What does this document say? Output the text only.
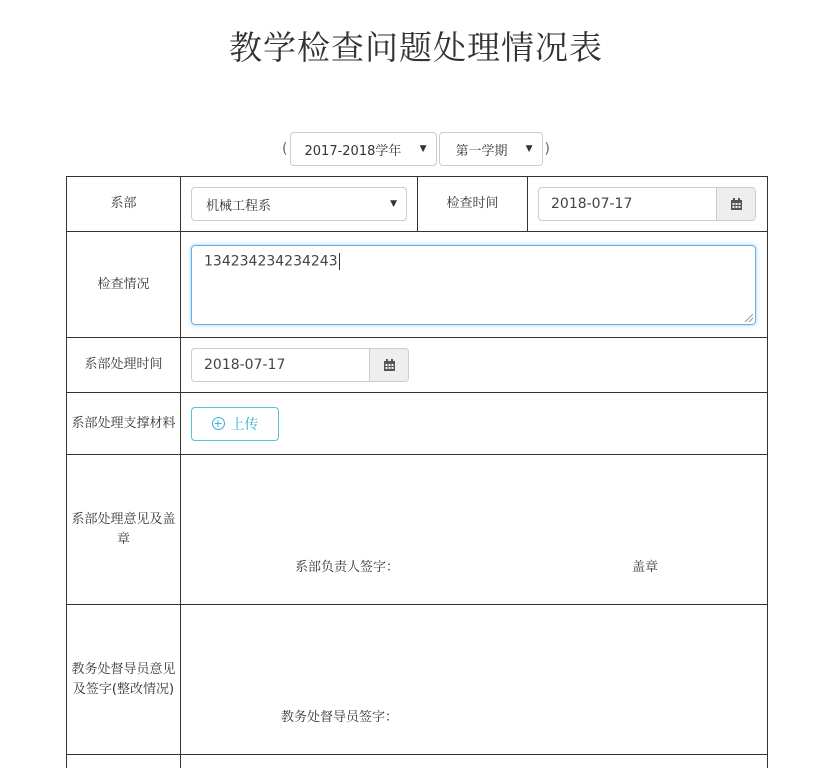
教学检查问题处理情况表
( 2017-2018学年 ▼ 第一学期 ▼ )
系部	机械工程系 ▼	检查时间	2018-07-17

检查情况	134234234234243		

系部处理时间	2018-07-17		

系部处理支撑材料	+ 上传		

系部处理意见及盖章	系部负责人签字： 盖章		

教务处督导员意见及签字(整改情况)	教务处督导员签字：		
